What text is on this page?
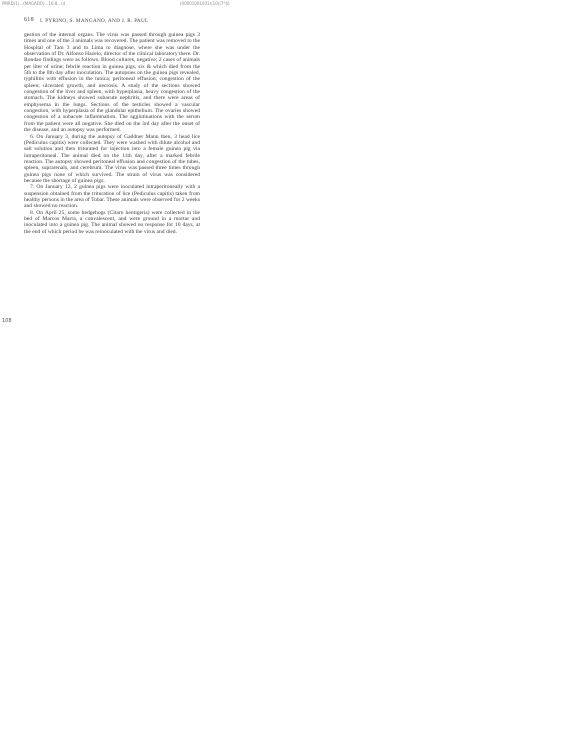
PMRD(1)...(MAGADO)...10-8...(4	(00001001001)(10)(7*4)
618 I. PYRINO, S. MANGANO, AND J. R. PAUL

gestion of the internal organs. The virus was passed through guinea pigs 3 times and one of the 3 animals was recovered. The patient was removed to the Hospital of Tam 3 and to Lima to diagnose, where she was under the observation of Dr. Alfonso Hazelo, director of the clinical laboratory there. Dr. Rondao findings were as follows. Blood cultures, negative; 2 cases of animals per liter of urine; febrile reaction in guinea pigs, six & which died from the 5th to the 8th day after inoculation. The autopsies on the guinea pigs revealed, typhilitis with effusion in the tunica; peritoneal effusion; congestion of the spleen; ulcerated growth, and necrosis. A study of the sections showed congestion of the liver and spleen, with hyperplasia, heavy congestion of the stomach. The kidneys showed subacute nephritis, and there were areas of emphysema in the lungs. Sections of the testicles showed a vascular congestion, with hyperplasia of the glandular epithelium. The ovaries showed congestion of a subacute inflammation. The agglutinations with the serum from the patient were all negative. She died on the 3rd day after the onset of the disease, and an autopsy was performed.

6. On January 3, during the autopsy of Gaddner Mann then, 3 head lice (Pediculus capitis) were collected. They were washed with dilute alcohol and salt solution and then triturated for injection into a female guinea pig via intraperitoneal. The animal died on the 11th day, after a marked febrile reaction. The autopsy showed peritoneal effusion and congestion of the tubes, spleen, suprarenals, and cerebrum. The virus was passed three times through guinea pigs none of which survived. The strain of virus was considered because the shortage of guinea pigs.

7. On January 12, 2 guinea pigs were inoculated intraperitoneally with a suspension obtained from the trituration of lice (Pediculus capitis) taken from healthy persons in the area of Tobar. These animals were observed for 2 weeks and showed no reaction.

8. On April 25, some hedgehogs (Citarn hentigeris) were collected in the bed of Marcos Marra, a convalescent, and were ground in a mortar and inoculated into a guinea pig. The animal showed no response for 10 days, at the end of which period he was reinoculated with the virus and died.

108
